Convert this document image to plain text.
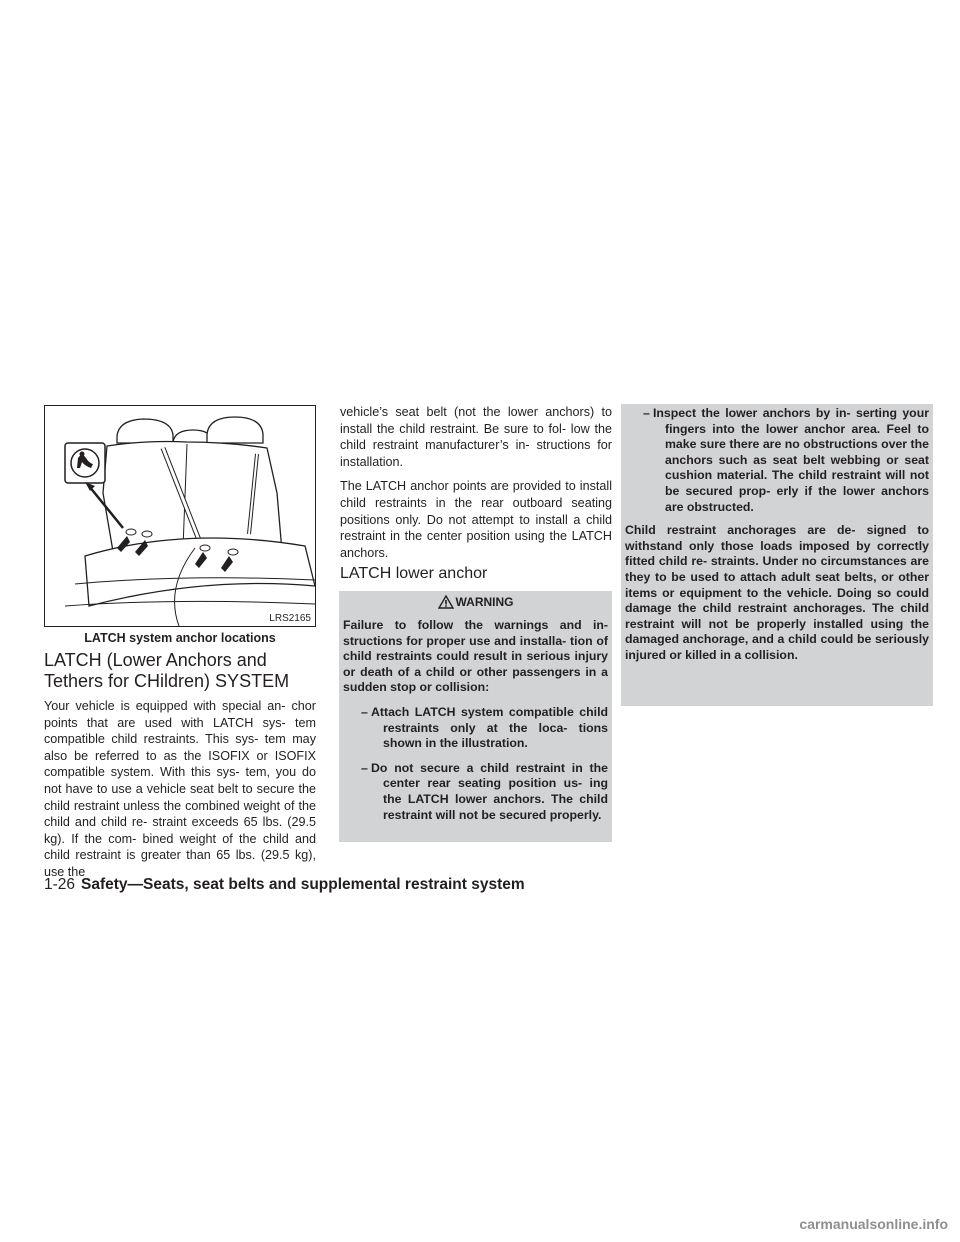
LRS2165
LATCH system anchor locations
LATCH (Lower Anchors and
Tethers for CHildren) SYSTEM

Your vehicle is equipped with special an- chor points that are used with LATCH sys- tem compatible child restraints. This sys- tem may also be referred to as the ISOFIX or ISOFIX compatible system. With this sys- tem, you do not have to use a vehicle seat belt to secure the child restraint unless the combined weight of the child and child re- straint exceeds 65 lbs. (29.5 kg). If the com- bined weight of the child and child restraint is greater than 65 lbs. (29.5 kg), use the

vehicle’s seat belt (not the lower anchors) to install the child restraint. Be sure to fol- low the child restraint manufacturer’s in- structions for installation.

The LATCH anchor points are provided to install child restraints in the rear outboard seating positions only. Do not attempt to install a child restraint in the center position using the LATCH anchors.

LATCH lower anchor
WARNING

Failure to follow the warnings and in- structions for proper use and installa- tion of child restraints could result in serious injury or death of a child or other passengers in a sudden stop or collision:

– Attach LATCH system compatible child restraints only at the loca- tions shown in the illustration.
– Do not secure a child restraint in the center rear seating position us- ing the LATCH lower anchors. The child restraint will not be secured properly.
– Inspect the lower anchors by in- serting your fingers into the lower anchor area. Feel to make sure there are no obstructions over the anchors such as seat belt webbing or seat cushion material. The child restraint will not be secured prop- erly if the lower anchors are obstructed.

Child restraint anchorages are de- signed to withstand only those loads imposed by correctly fitted child re- straints. Under no circumstances are they to be used to attach adult seat belts, or other items or equipment to the vehicle. Doing so could damage the child restraint anchorages. The child restraint will not be properly installed using the damaged anchorage, and a child could be seriously injured or killed in a collision.

1-26 Safety—Seats, seat belts and supplemental restraint system
carmanualsonline.info
